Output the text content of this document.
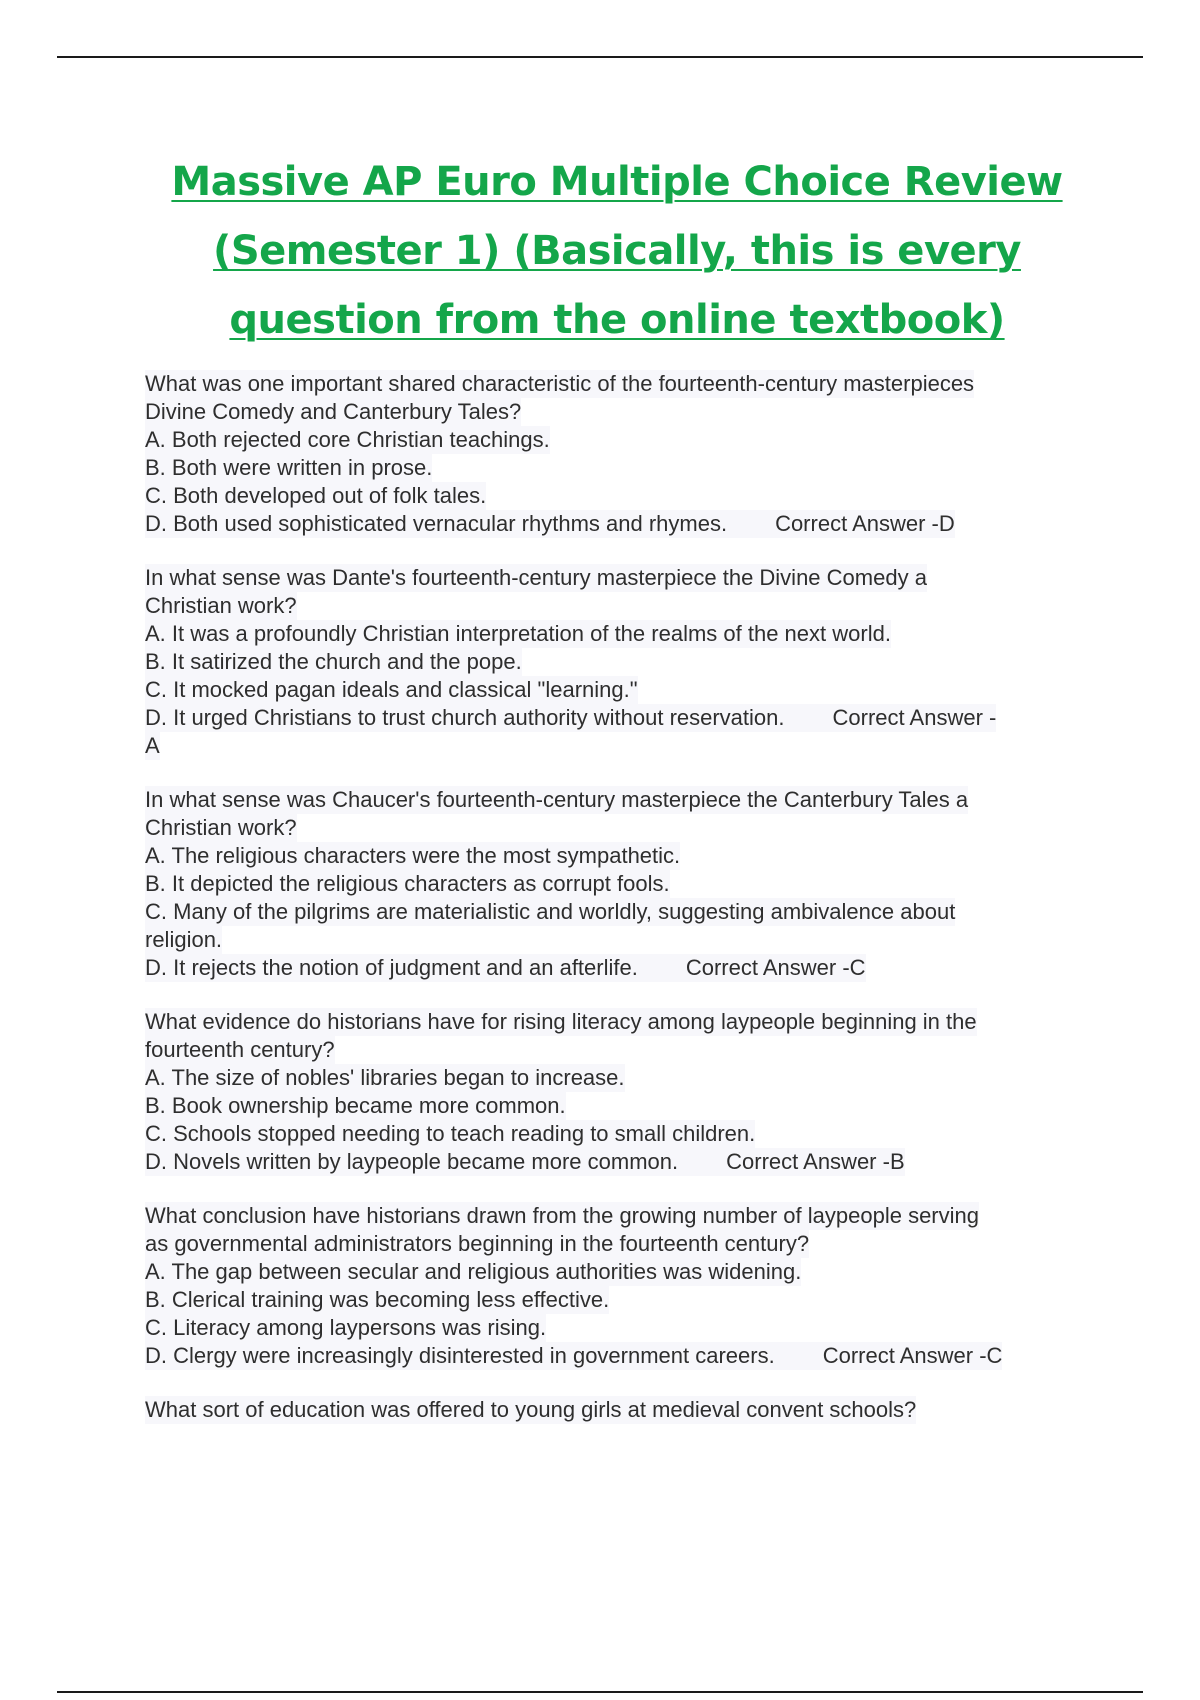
Massive AP Euro Multiple Choice Review
(Semester 1) (Basically, this is every
question from the online textbook)
What was one important shared characteristic of the fourteenth-century masterpieces
Divine Comedy and Canterbury Tales?
A. Both rejected core Christian teachings.
B. Both were written in prose.
C. Both developed out of folk tales.
D. Both used sophisticated vernacular rhythms and rhymes. Correct Answer -D
In what sense was Dante's fourteenth-century masterpiece the Divine Comedy a
Christian work?
A. It was a profoundly Christian interpretation of the realms of the next world.
B. It satirized the church and the pope.
C. It mocked pagan ideals and classical "learning."
D. It urged Christians to trust church authority without reservation. Correct Answer -
A
In what sense was Chaucer's fourteenth-century masterpiece the Canterbury Tales a
Christian work?
A. The religious characters were the most sympathetic.
B. It depicted the religious characters as corrupt fools.
C. Many of the pilgrims are materialistic and worldly, suggesting ambivalence about
religion.
D. It rejects the notion of judgment and an afterlife. Correct Answer -C
What evidence do historians have for rising literacy among laypeople beginning in the
fourteenth century?
A. The size of nobles' libraries began to increase.
B. Book ownership became more common.
C. Schools stopped needing to teach reading to small children.
D. Novels written by laypeople became more common. Correct Answer -B
What conclusion have historians drawn from the growing number of laypeople serving
as governmental administrators beginning in the fourteenth century?
A. The gap between secular and religious authorities was widening.
B. Clerical training was becoming less effective.
C. Literacy among laypersons was rising.
D. Clergy were increasingly disinterested in government careers. Correct Answer -C
What sort of education was offered to young girls at medieval convent schools?
